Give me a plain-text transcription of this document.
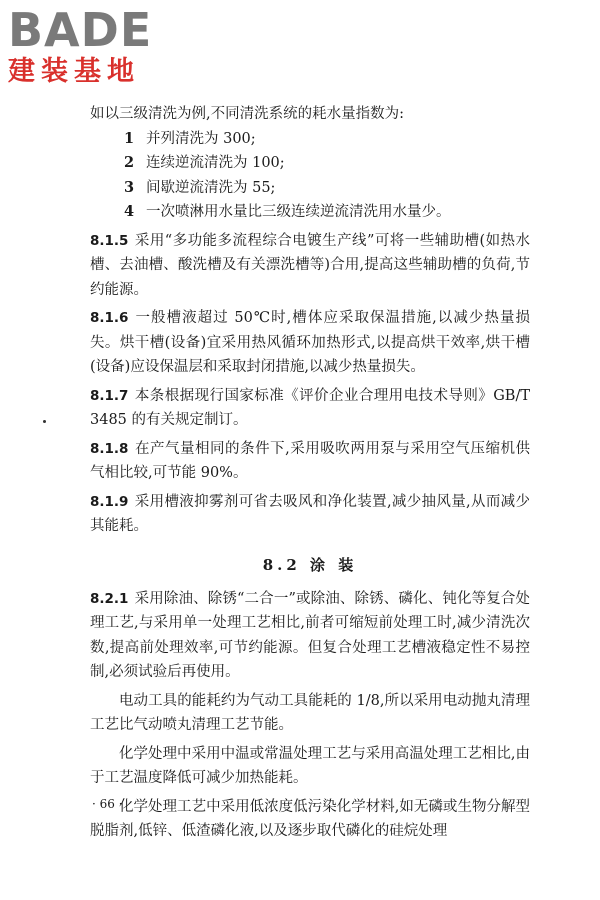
BADE
建装基地

如以三级清洗为例,不同清洗系统的耗水量指数为:

1 并列清洗为 300;

2 连续逆流清洗为 100;

3 间歇逆流清洗为 55;

4 一次喷淋用水量比三级连续逆流清洗用水量少。

8.1.5 采用“多功能多流程综合电镀生产线”可将一些辅助槽(如热水槽、去油槽、酸洗槽及有关漂洗槽等)合用,提高这些辅助槽的负荷,节约能源。

8.1.6 一般槽液超过 50℃时,槽体应采取保温措施,以减少热量损失。烘干槽(设备)宜采用热风循环加热形式,以提高烘干效率,烘干槽(设备)应设保温层和采取封闭措施,以减少热量损失。

8.1.7 本条根据现行国家标准《评价企业合理用电技术导则》GB/T 3485 的有关规定制订。

8.1.8 在产气量相同的条件下,采用吸吹两用泵与采用空气压缩机供气相比较,可节能 90%。

8.1.9 采用槽液抑雾剂可省去吸风和净化装置,减少抽风量,从而减少其能耗。

8.2 涂 装

8.2.1 采用除油、除锈“二合一”或除油、除锈、磷化、钝化等复合处理工艺,与采用单一处理工艺相比,前者可缩短前处理工时,减少清洗次数,提高前处理效率,可节约能源。但复合处理工艺槽液稳定性不易控制,必须试验后再使用。

电动工具的能耗约为气动工具能耗的 1/8,所以采用电动抛丸清理工艺比气动喷丸清理工艺节能。

化学处理中采用中温或常温处理工艺与采用高温处理工艺相比,由于工艺温度降低可减少加热能耗。

化学处理工艺中采用低浓度低污染化学材料,如无磷或生物分解型脱脂剂,低锌、低渣磷化液,以及逐步取代磷化的硅烷处理

· 66 ·
